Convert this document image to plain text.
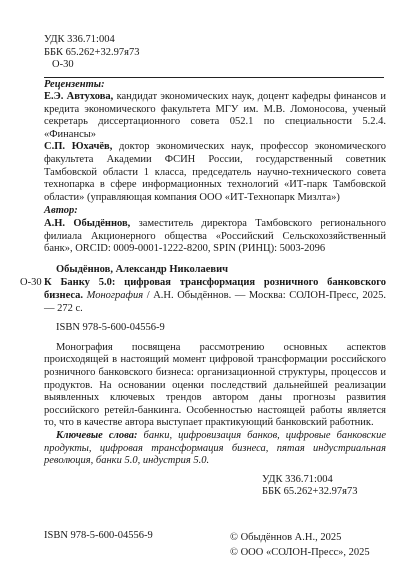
УДК 336.71:004
ББК 65.262+32.97я73
О-30
Рецензенты:
Е.Э. Автухова, кандидат экономических наук, доцент кафедры финансов и кредита экономического факультета МГУ им. М.В. Ломоносова, ученый секретарь диссертационного совета 052.1 по специальности 5.2.4. «Финансы»
С.П. Юхачёв, доктор экономических наук, профессор экономического факультета Академии ФСИН России, государственный советник Тамбовской области 1 класса, председатель научно-технического совета технопарка в сфере информационных технологий «ИТ-парк Тамбовской области» (управляющая компания ООО «ИТ-Технопарк Мизлта»)
Автор:
А.Н. Обыдённов, заместитель директора Тамбовского регионального филиала Акционерного общества «Российский Сельскохозяйственный банк», ORCID: 0009-0001-1222-8200, SPIN (РИНЦ): 5003-2096
Обыдённов, Александр Николаевич
О-30 К Банку 5.0: цифровая трансформация розничного банковского бизнеса. Монография / А.Н. Обыдённов. — Москва: СОЛОН-Пресс, 2025. — 272 с.
ISBN 978-5-600-04556-9
Монография посвящена рассмотрению основных аспектов происходящей в настоящий момент цифровой трансформации российского розничного банковского бизнеса: организационной структуры, процессов и продуктов. На основании оценки последствий дальнейшей реализации выявленных ключевых трендов автором даны прогнозы развития российского ретейл-банкинга. Особенностью настоящей работы является то, что в качестве автора выступает практикующий банковский работник.
Ключевые слова: банки, цифровизация банков, цифровые банковские продукты, цифровая трансформация бизнеса, пятая индустриальная революция, банки 5.0, индустрия 5.0.
УДК 336.71:004
ББК 65.262+32.97я73
ISBN 978-5-600-04556-9	© Обыдённов А.Н., 2025
© ООО «СОЛОН-Пресс», 2025
